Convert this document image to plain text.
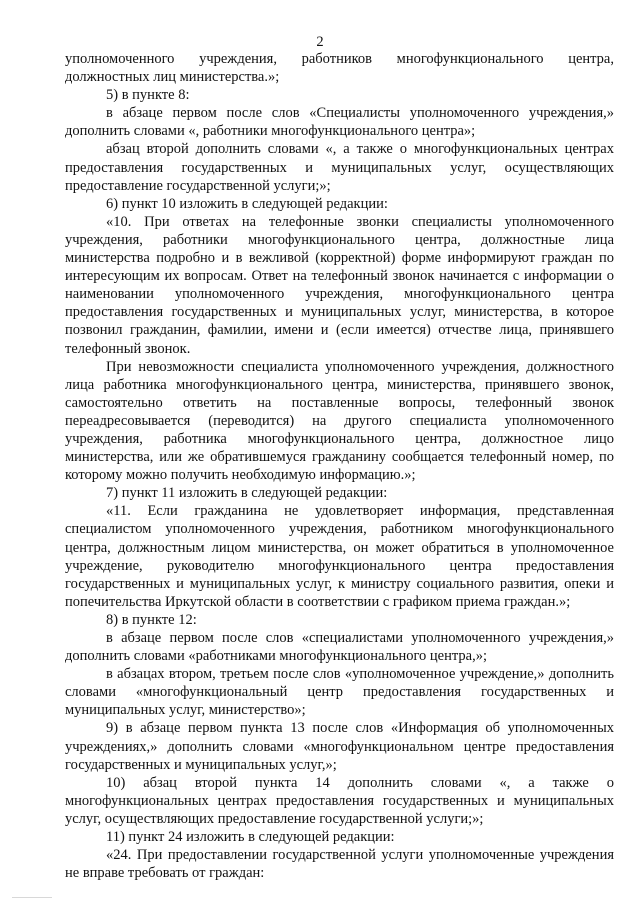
2

уполномоченного учреждения, работников многофункционального центра, должностных лиц министерства.»;

5) в пункте 8:

в абзаце первом после слов «Специалисты уполномоченного учреждения,» дополнить словами «, работники многофункционального центра»;

абзац второй дополнить словами «, а также о многофункциональных центрах предоставления государственных и муниципальных услуг, осуществляющих предоставление государственной услуги;»;

6) пункт 10 изложить в следующей редакции:

«10. При ответах на телефонные звонки специалисты уполномоченного учреждения, работники многофункционального центра, должностные лица министерства подробно и в вежливой (корректной) форме информируют граждан по интересующим их вопросам. Ответ на телефонный звонок начинается с информации о наименовании уполномоченного учреждения, многофункционального центра предоставления государственных и муниципальных услуг, министерства, в которое позвонил гражданин, фамилии, имени и (если имеется) отчестве лица, принявшего телефонный звонок.

При невозможности специалиста уполномоченного учреждения, должностного лица работника многофункционального центра, министерства, принявшего звонок, самостоятельно ответить на поставленные вопросы, телефонный звонок переадресовывается (переводится) на другого специалиста уполномоченного учреждения, работника многофункционального центра, должностное лицо министерства, или же обратившемуся гражданину сообщается телефонный номер, по которому можно получить необходимую информацию.»;

7) пункт 11 изложить в следующей редакции:

«11. Если гражданина не удовлетворяет информация, представленная специалистом уполномоченного учреждения, работником многофункционального центра, должностным лицом министерства, он может обратиться в уполномоченное учреждение, руководителю многофункционального центра предоставления государственных и муниципальных услуг, к министру социального развития, опеки и попечительства Иркутской области в соответствии с графиком приема граждан.»;

8) в пункте 12:

в абзаце первом после слов «специалистами уполномоченного учреждения,» дополнить словами «работниками многофункционального центра,»;

в абзацах втором, третьем после слов «уполномоченное учреждение,» дополнить словами «многофункциональный центр предоставления государственных и муниципальных услуг, министерство»;

9) в абзаце первом пункта 13 после слов «Информация об уполномоченных учреждениях,» дополнить словами «многофункциональном центре предоставления государственных и муниципальных услуг,»;

10) абзац второй пункта 14 дополнить словами «, а также о многофункциональных центрах предоставления государственных и муниципальных услуг, осуществляющих предоставление государственной услуги;»;

11) пункт 24 изложить в следующей редакции:

«24. При предоставлении государственной услуги уполномоченные учреждения не вправе требовать от граждан:
